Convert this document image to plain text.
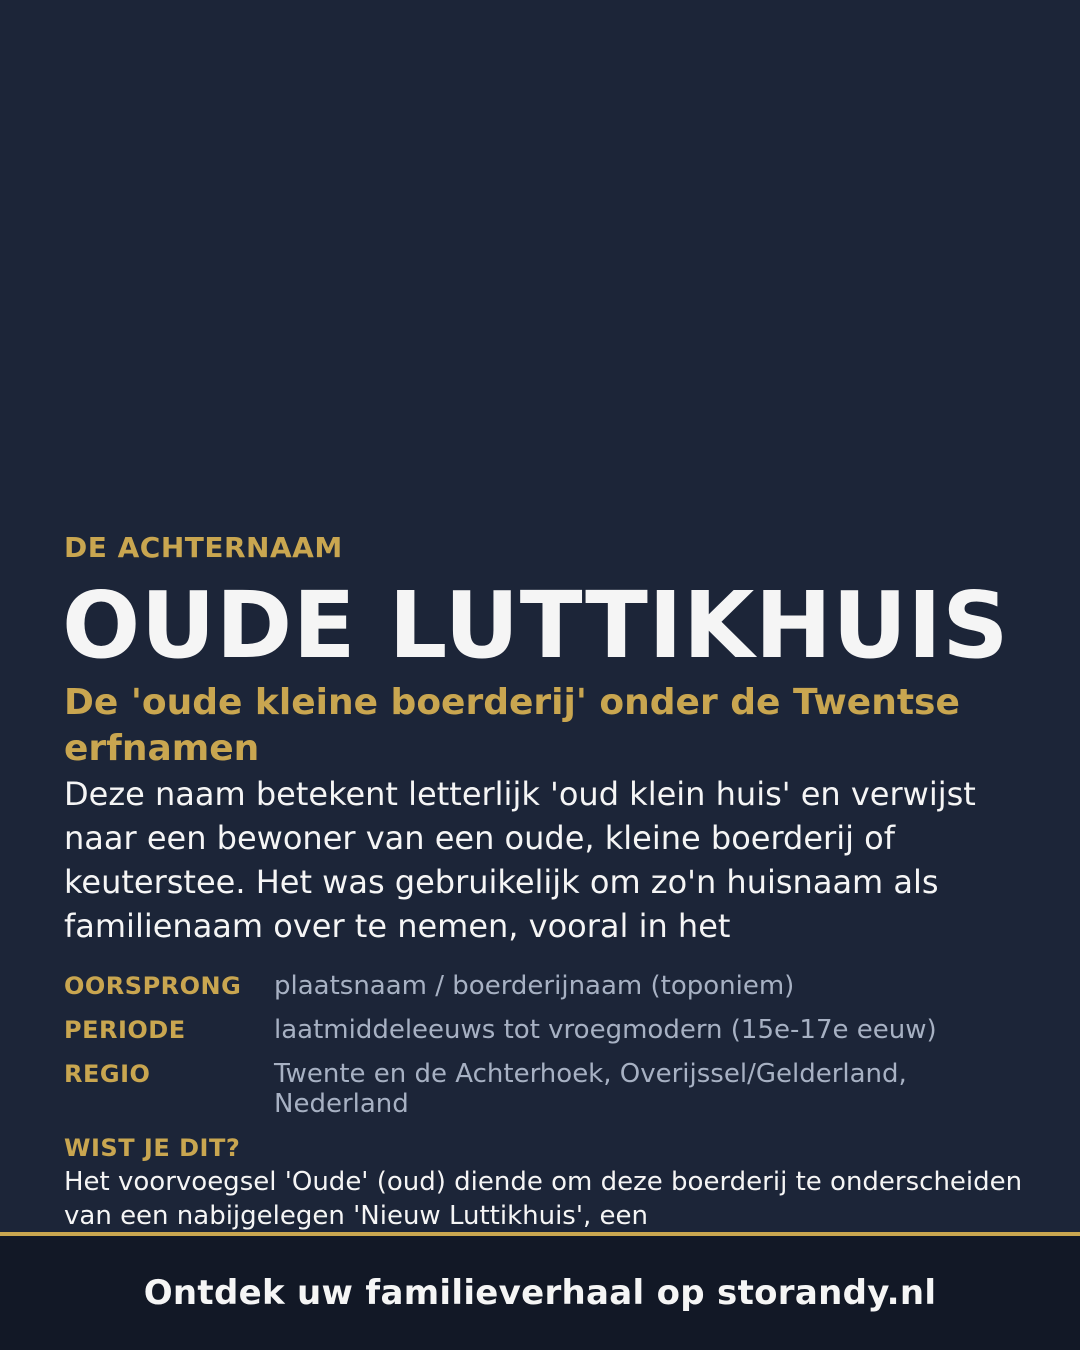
DE ACHTERNAAM
OUDE LUTTIKHUIS
De 'oude kleine boerderij' onder de Twentse erfnamen
Deze naam betekent letterlijk 'oud klein huis' en verwijst naar een bewoner van een oude, kleine boerderij of keuterstee. Het was gebruikelijk om zo'n huisnaam als familienaam over te nemen, vooral in het
OORSPRONG	plaatsnaam / boerderijnaam (toponiem)
PERIODE	laatmiddeleeuws tot vroegmodern (15e-17e eeuw)
REGIO	Twente en de Achterhoek, Overijssel/Gelderland, Nederland
WIST JE DIT?
Het voorvoegsel 'Oude' (oud) diende om deze boerderij te onderscheiden van een nabijgelegen 'Nieuw Luttikhuis', een
Ontdek uw familieverhaal op storandy.nl
